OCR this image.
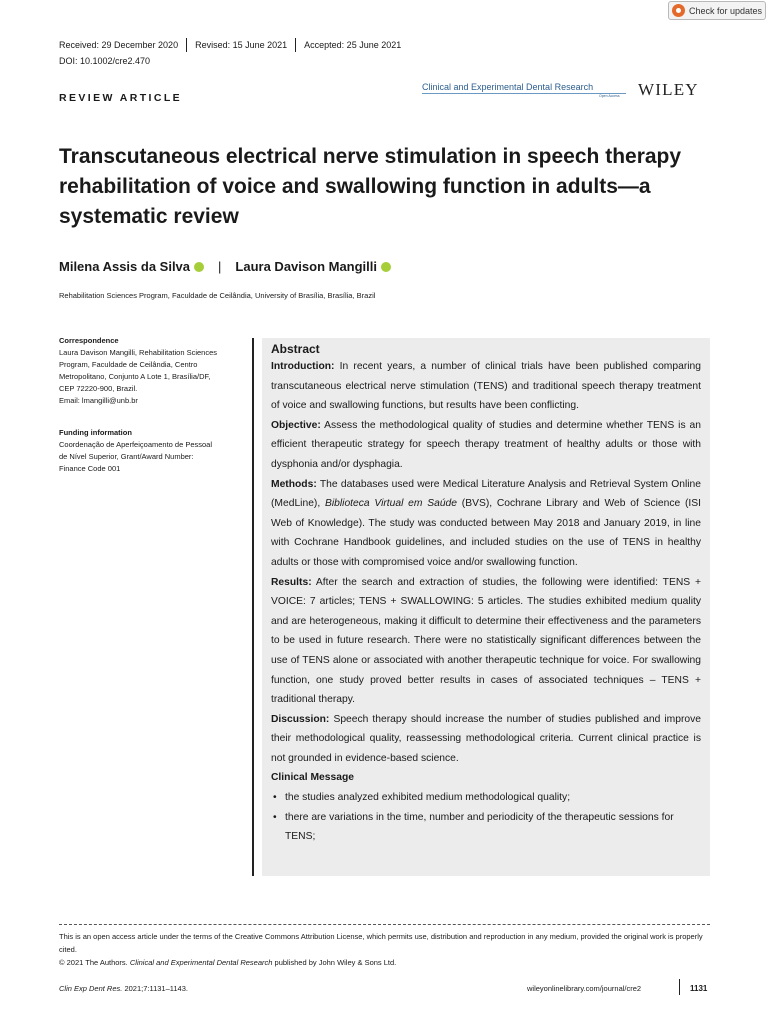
Check for updates
Received: 29 December 2020 Revised: 15 June 2021 Accepted: 25 June 2021
DOI: 10.1002/cre2.470
REVIEW ARTICLE
Clinical and Experimental Dental Research
Open Access WILEY
Transcutaneous electrical nerve stimulation in speech therapy rehabilitation of voice and swallowing function in adults—a systematic review
Milena Assis da Silva | Laura Davison Mangilli
Rehabilitation Sciences Program, Faculdade de Ceilândia, University of Brasília, Brasília, Brazil
Correspondence
Laura Davison Mangilli, Rehabilitation Sciences
Program, Faculdade de Ceilândia, Centro
Metropolitano, Conjunto A Lote 1, Brasília/DF,
CEP 72220-900, Brazil.
Email: lmangilli@unb.br
Funding information
Coordenação de Aperfeiçoamento de Pessoal
de Nível Superior, Grant/Award Number:
Finance Code 001
Abstract
Introduction: In recent years, a number of clinical trials have been published comparing transcutaneous electrical nerve stimulation (TENS) and traditional speech therapy treatment of voice and swallowing functions, but results have been conflicting.
Objective: Assess the methodological quality of studies and determine whether TENS is an efficient therapeutic strategy for speech therapy treatment of healthy adults or those with dysphonia and/or dysphagia.
Methods: The databases used were Medical Literature Analysis and Retrieval System Online (MedLine), Biblioteca Virtual em Saúde (BVS), Cochrane Library and Web of Science (ISI Web of Knowledge). The study was conducted between May 2018 and January 2019, in line with Cochrane Handbook guidelines, and included studies on the use of TENS in healthy adults or those with compromised voice and/or swallowing function.
Results: After the search and extraction of studies, the following were identified: TENS + VOICE: 7 articles; TENS + SWALLOWING: 5 articles. The studies exhibited medium quality and are heterogeneous, making it difficult to determine their effectiveness and the parameters to be used in future research. There were no statistically significant differences between the use of TENS alone or associated with another therapeutic technique for voice. For swallowing function, one study proved better results in cases of associated techniques – TENS + traditional therapy.
Discussion: Speech therapy should increase the number of studies published and improve their methodological quality, reassessing methodological criteria. Current clinical practice is not grounded in evidence-based science.
Clinical Message
• the studies analyzed exhibited medium methodological quality;
• there are variations in the time, number and periodicity of the therapeutic sessions for TENS;
This is an open access article under the terms of the Creative Commons Attribution License, which permits use, distribution and reproduction in any medium, provided the original work is properly cited.
© 2021 The Authors. Clinical and Experimental Dental Research published by John Wiley & Sons Ltd.
Clin Exp Dent Res. 2021;7:1131–1143.	wileyonlinelibrary.com/journal/cre2	1131
